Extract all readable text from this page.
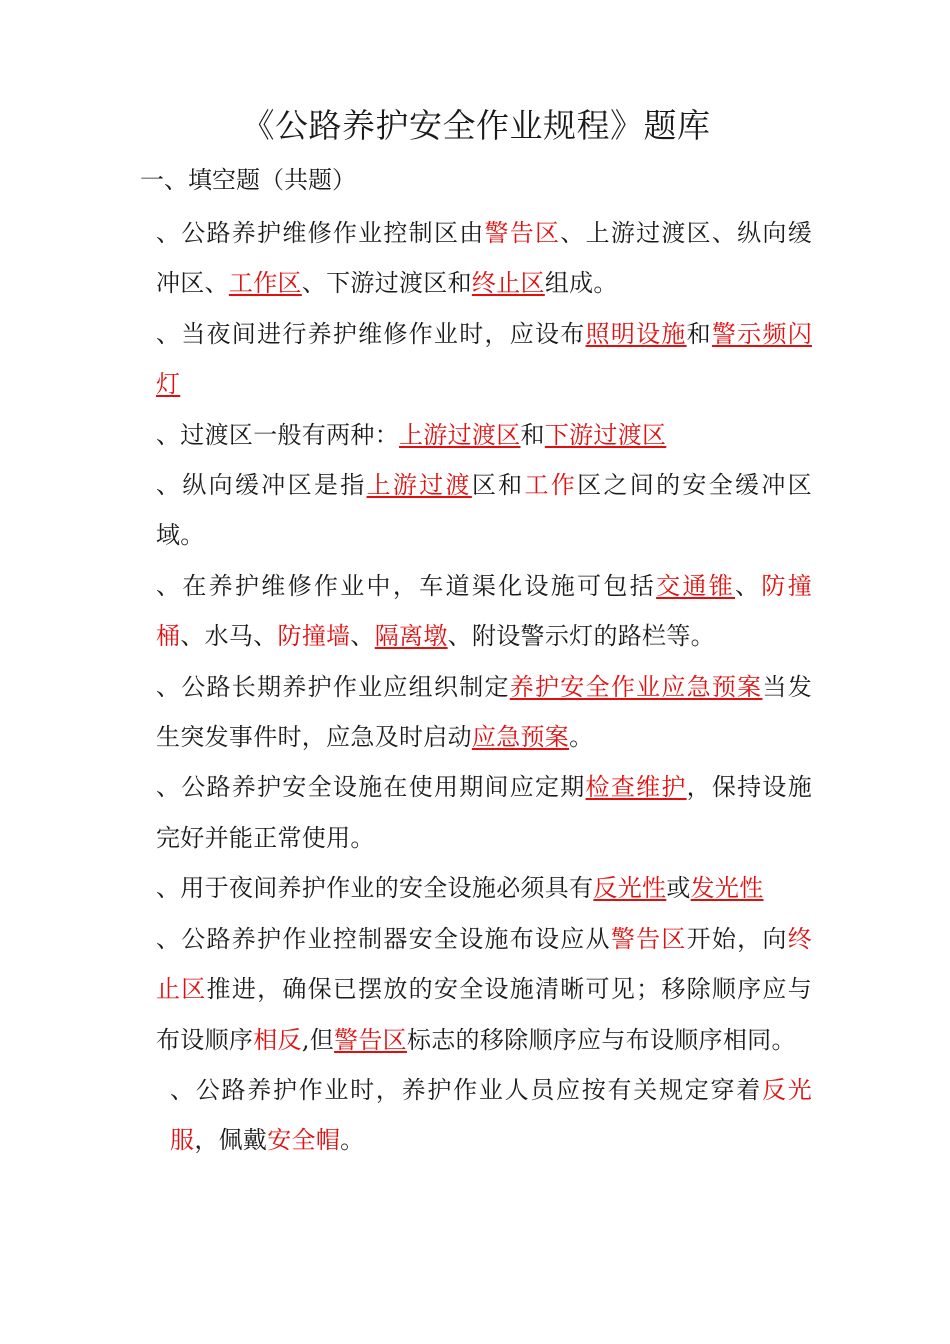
《公路养护安全作业规程》题库
一、填空题（共题）

、公路养护维修作业控制区由警告区、上游过渡区、纵向缓冲区、工作区、下游过渡区和终止区组成。

、当夜间进行养护维修作业时，应设布照明设施和警示频闪灯

、过渡区一般有两种：上游过渡区和下游过渡区

、纵向缓冲区是指上游过渡区和工作区之间的安全缓冲区域。

、在养护维修作业中，车道渠化设施可包括交通锥、防撞桶、水马、防撞墙、隔离墩、附设警示灯的路栏等。

、公路长期养护作业应组织制定养护安全作业应急预案当发生突发事件时，应急及时启动应急预案。

、公路养护安全设施在使用期间应定期检查维护，保持设施完好并能正常使用。

、用于夜间养护作业的安全设施必须具有反光性或发光性

、公路养护作业控制器安全设施布设应从警告区开始，向终止区推进，确保已摆放的安全设施清晰可见；移除顺序应与布设顺序相反,但警告区标志的移除顺序应与布设顺序相同。

、公路养护作业时，养护作业人员应按有关规定穿着反光服，佩戴安全帽。
